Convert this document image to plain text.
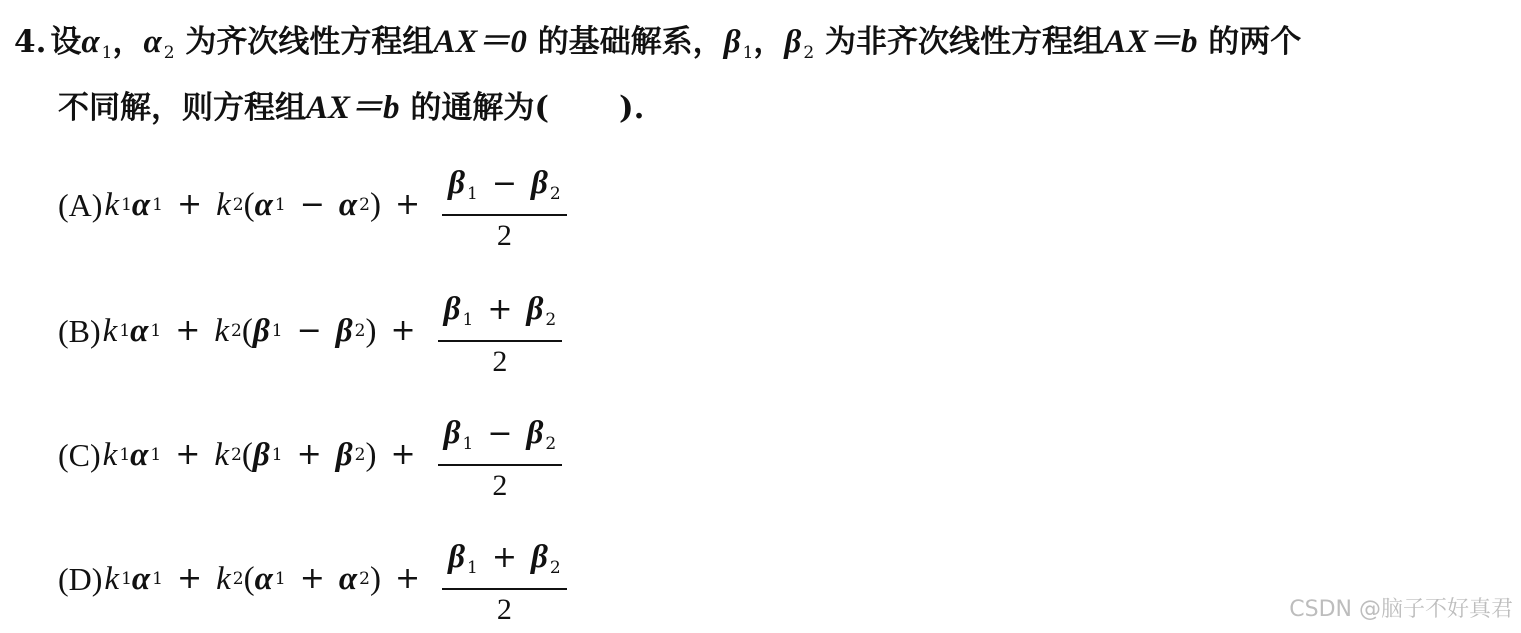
4. 设α $_1$，α $_2$ 为齐次线性方程组AX＝0 的基础解系，β $_1$，β $_2$ 为非齐次线性方程组AX＝b 的两个
不同解，则方程组AX＝b 的通解为( ).
(A) k 1 α 1 + k 2 ( α 1 − α 2 ) + $\frac{\beta _1 - \beta _2}{2}$
(B) k 1 α 1 + k 2 ( β 1 − β 2 ) + $\frac{\beta _1 + \beta _2}{2}$
(C) k 1 α 1 + k 2 ( β 1 + β 2 ) + $\frac{\beta _1 - \beta _2}{2}$
(D) k 1 α 1 + k 2 ( α 1 + α 2 ) + $\frac{\beta _1 + \beta _2}{2}$	CSDN @脑子不好真君
